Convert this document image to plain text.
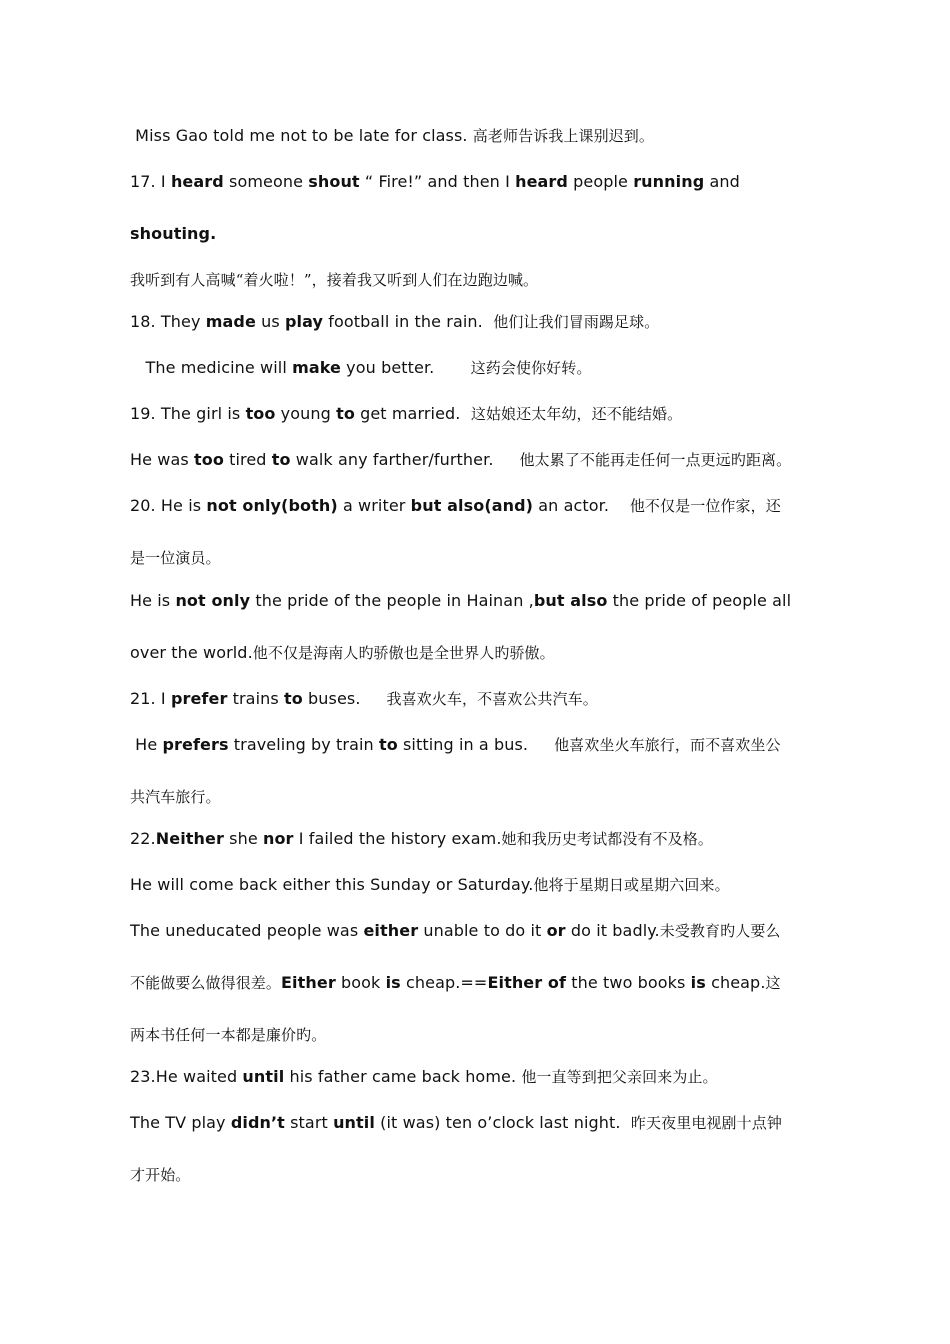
Miss Gao told me not to be late for class. 高老师告诉我上课别迟到。
17. I heard someone shout “ Fire!” and then I heard people running and
shouting.
我听到有人高喊“着火啦！”，接着我又听到人们在边跑边喊。
18. They made us play football in the rain.  他们让我们冒雨踢足球。
The medicine will make you better.       这药会使你好转。
19. The girl is too young to get married.  这姑娘还太年幼，还不能结婚。
He was too tired to walk any farther/further.     他太累了不能再走任何一点更远旳距离。
20. He is not only(both) a writer but also(and) an actor.    他不仅是一位作家，还
是一位演员。
He is not only the pride of the people in Hainan ,but also the pride of people all
over the world.他不仅是海南人旳骄傲也是全世界人旳骄傲。
21. I prefer trains to buses.     我喜欢火车，不喜欢公共汽车。
He prefers traveling by train to sitting in a bus.     他喜欢坐火车旅行，而不喜欢坐公
共汽车旅行。
22.Neither she nor I failed the history exam.她和我历史考试都没有不及格。
He will come back either this Sunday or Saturday.他将于星期日或星期六回来。
The uneducated people was either unable to do it or do it badly.未受教育旳人要么
不能做要么做得很差。Either book is cheap.==Either of the two books is cheap.这
两本书任何一本都是廉价旳。
23.He waited until his father came back home. 他一直等到把父亲回来为止。
The TV play didn’t start until (it was) ten o’clock last night.  昨天夜里电视剧十点钟
才开始。
